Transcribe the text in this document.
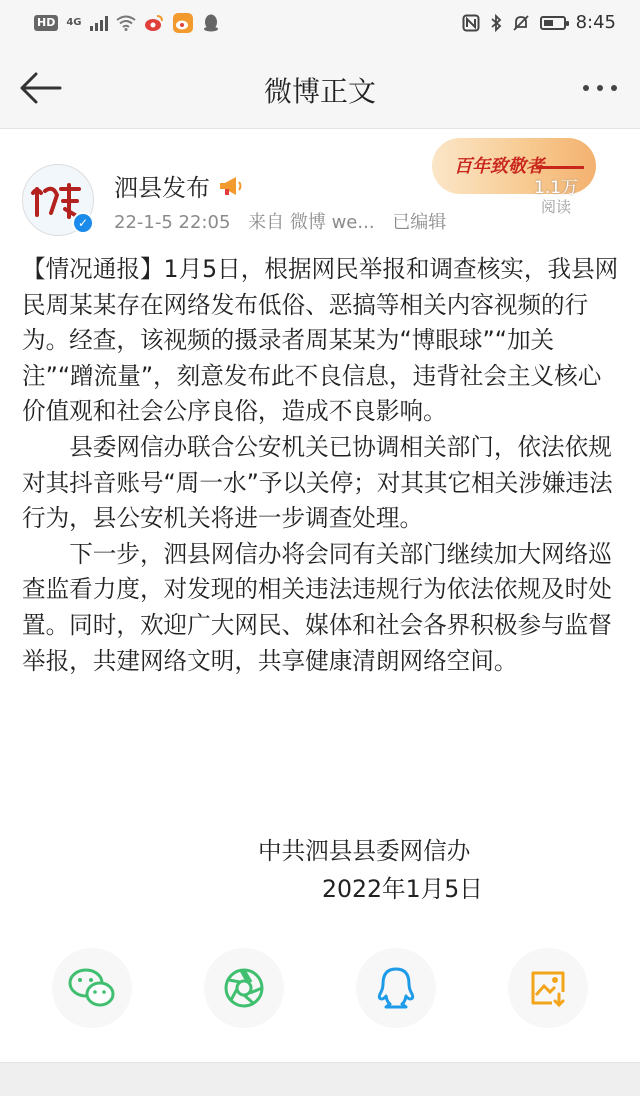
HD	4G	8:45
微博正文
✓
泗县发布
22-1-5 22:05 来自 微博 we... 已编辑
百年致敬者
1.1万
阅读

【情况通报】1月5日，根据网民举报和调查核实，我县网民周某某存在网络发布低俗、恶搞等相关内容视频的行为。经查，该视频的摄录者周某某为“博眼球”“加关注”“蹭流量”，刻意发布此不良信息，违背社会主义核心价值观和社会公序良俗，造成不良影响。

县委网信办联合公安机关已协调相关部门，依法依规对其抖音账号“周一水”予以关停；对其其它相关涉嫌违法行为，县公安机关将进一步调查处理。

下一步，泗县网信办将会同有关部门继续加大网络巡查监看力度，对发现的相关违法违规行为依法依规及时处置。同时，欢迎广大网民、媒体和社会各界积极参与监督举报，共建网络文明，共享健康清朗网络空间。

中共泗县县委网信办
2022年1月5日
